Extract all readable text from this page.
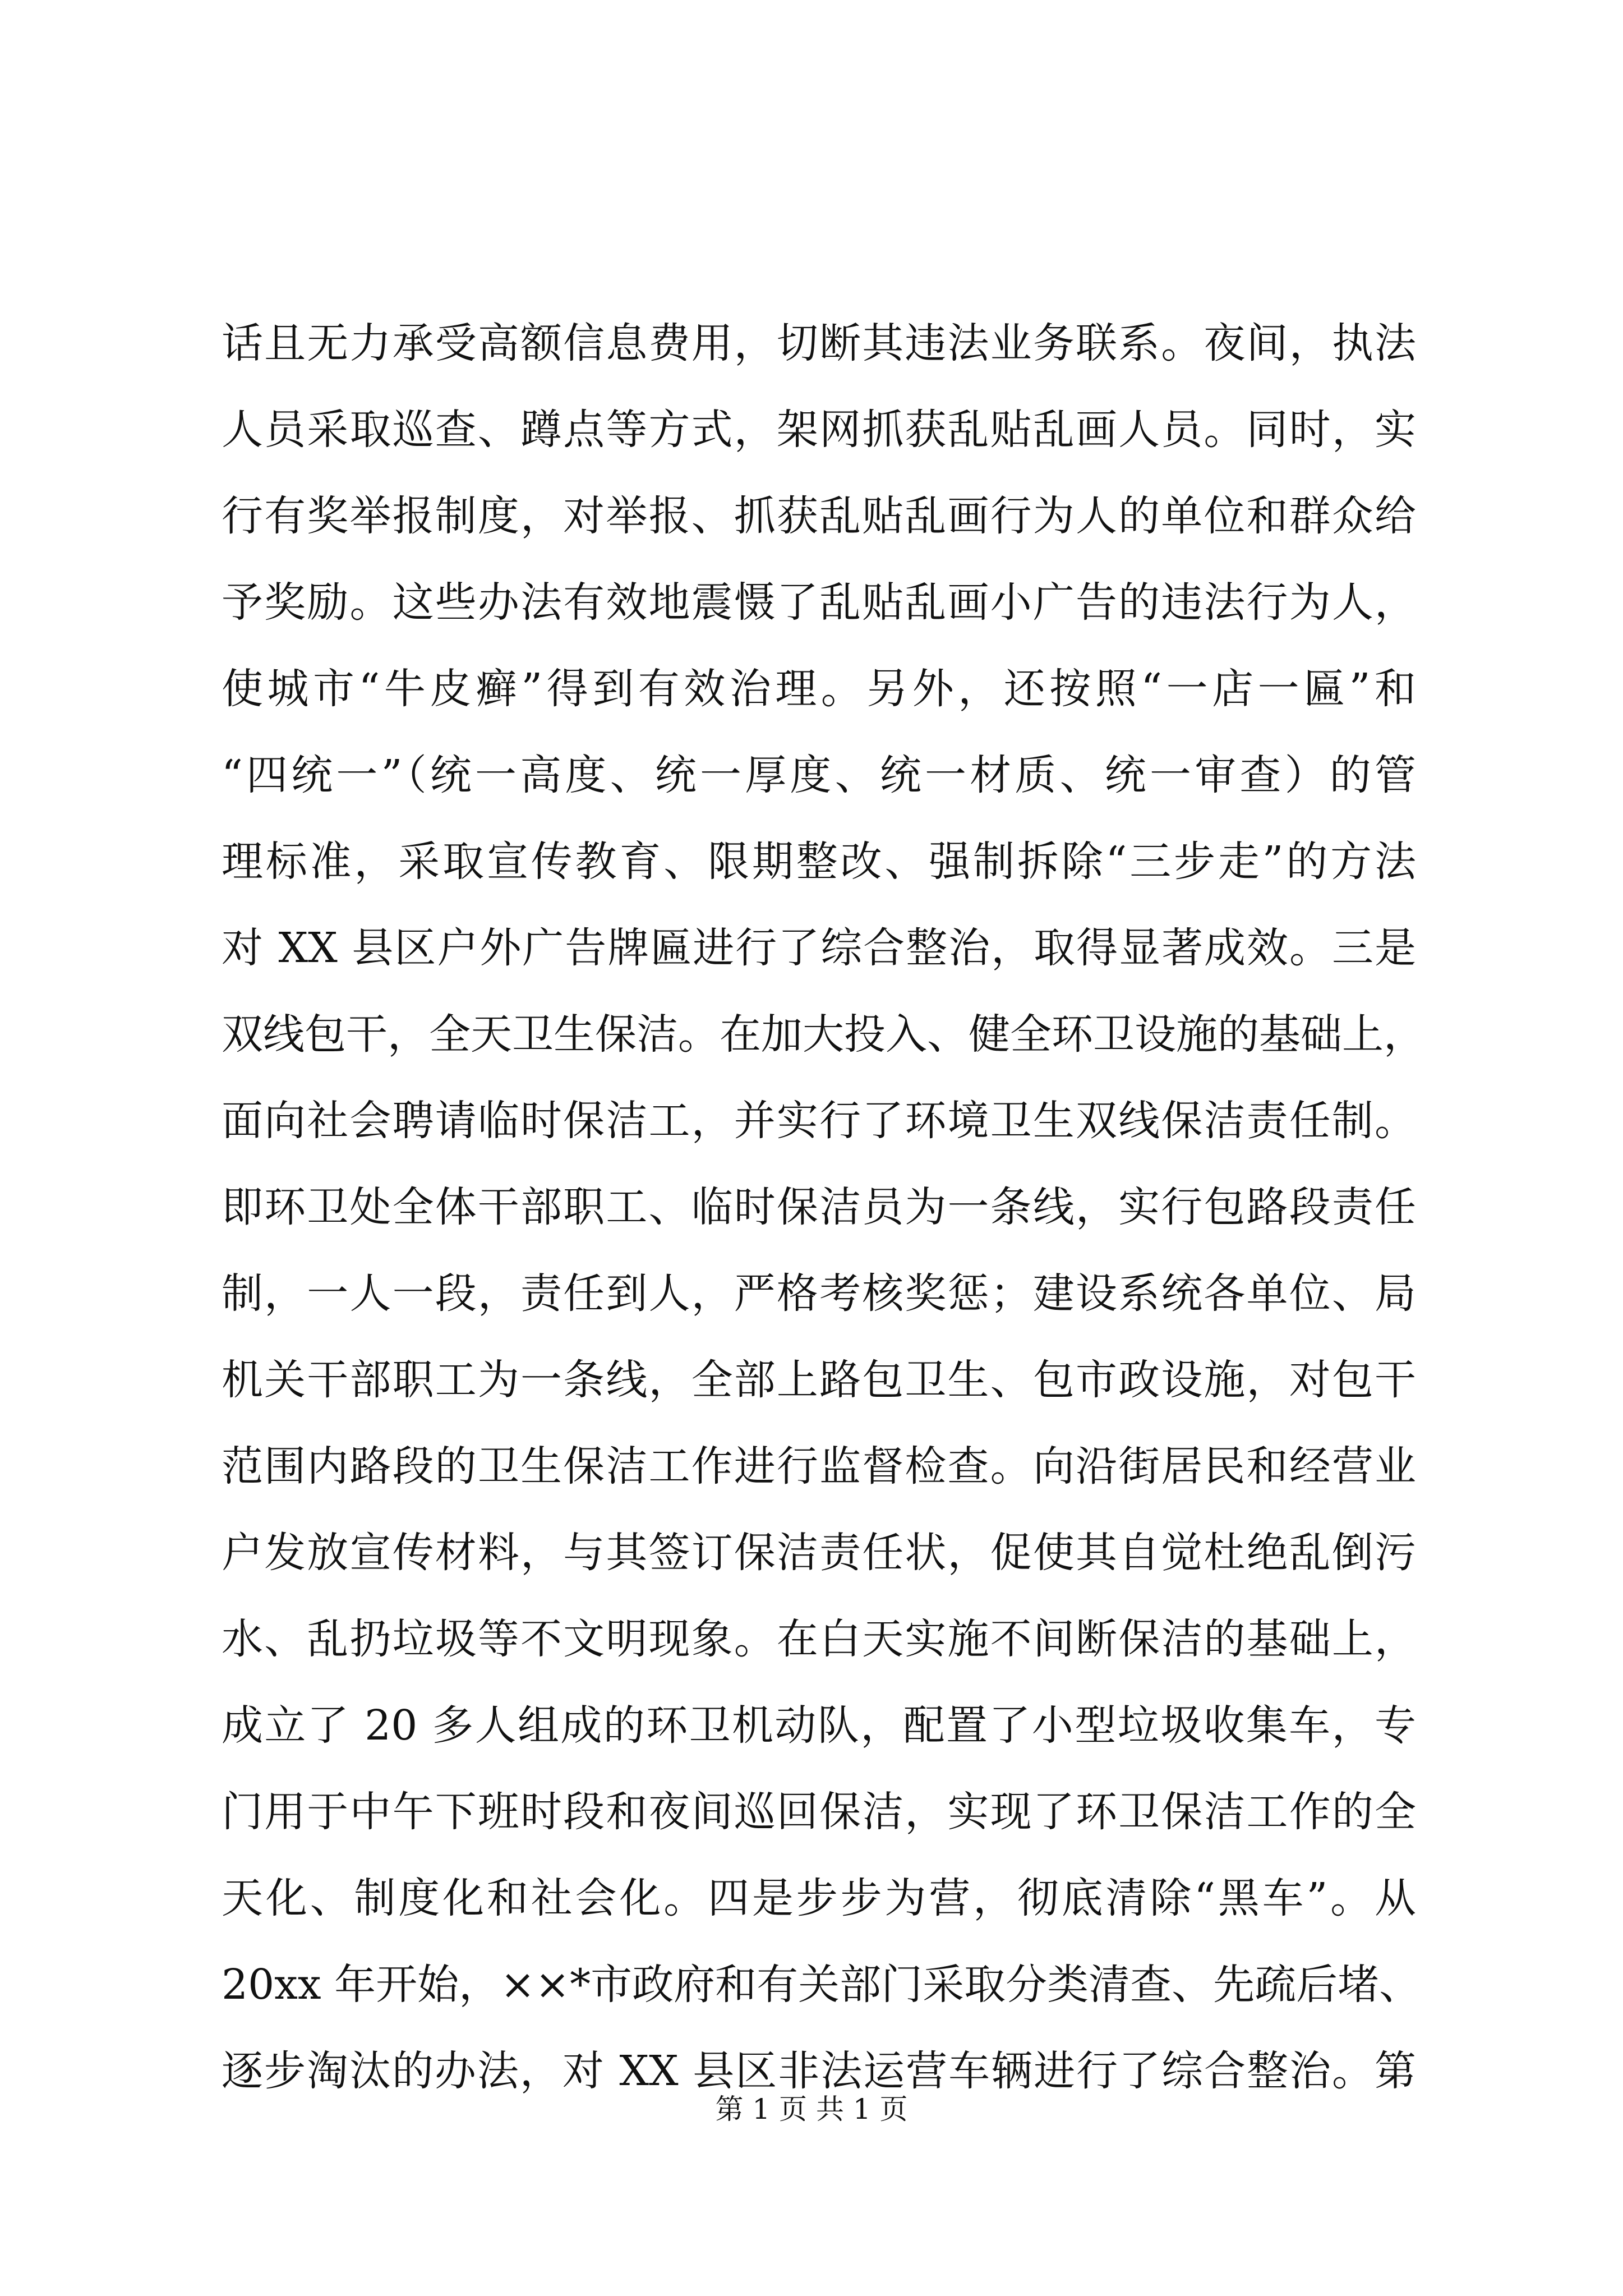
话且无力承受高额信息费用，切断其违法业务联系。夜间，执法
人员采取巡查、蹲点等方式，架网抓获乱贴乱画人员。同时，实
行有奖举报制度，对举报、抓获乱贴乱画行为人的单位和群众给
予奖励。这些办法有效地震慑了乱贴乱画小广告的违法行为人，
使城市“牛皮癣”得到有效治理。另外，还按照“一店一匾”和
“四统一”（统一高度、统一厚度、统一材质、统一审查）的管
理标准，采取宣传教育、限期整改、强制拆除“三步走”的方法
对 XX 县区户外广告牌匾进行了综合整治，取得显著成效。三是
双线包干，全天卫生保洁。在加大投入、健全环卫设施的基础上，
面向社会聘请临时保洁工，并实行了环境卫生双线保洁责任制。
即环卫处全体干部职工、临时保洁员为一条线，实行包路段责任
制，一人一段，责任到人，严格考核奖惩；建设系统各单位、局
机关干部职工为一条线，全部上路包卫生、包市政设施，对包干
范围内路段的卫生保洁工作进行监督检查。向沿街居民和经营业
户发放宣传材料，与其签订保洁责任状，促使其自觉杜绝乱倒污
水、乱扔垃圾等不文明现象。在白天实施不间断保洁的基础上，
成立了 20 多人组成的环卫机动队，配置了小型垃圾收集车，专
门用于中午下班时段和夜间巡回保洁，实现了环卫保洁工作的全
天化、制度化和社会化。四是步步为营，彻底清除“黑车”。从
20xx 年开始，××*市政府和有关部门采取分类清查、先疏后堵、
逐步淘汰的办法，对 XX 县区非法运营车辆进行了综合整治。第
第 1 页 共 1 页
